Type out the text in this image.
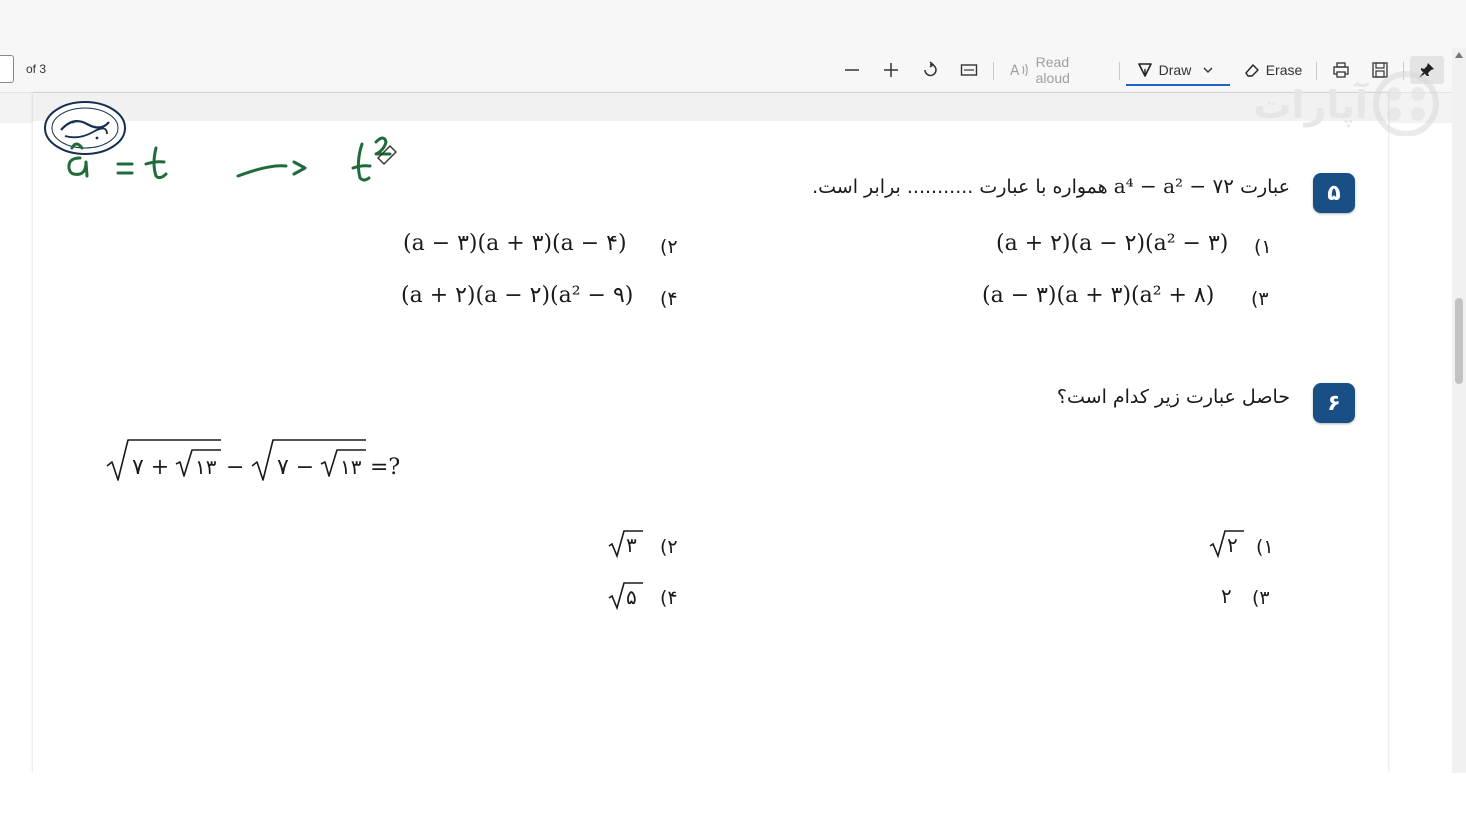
of 3	A
Read aloud	Draw	Erase
آپارات
۵
عبارت a⁴ − a² − ۷۲ همواره با عبارت ........... برابر است.
(a + ۲)(a − ۲)(a² − ۳) (۱
(a − ۳)(a + ۳)(a − ۴) (۲
(a − ۳)(a + ۳)(a² + ۸) (۳
(a + ۲)(a − ۲)(a² − ۹) (۴
۶
حاصل عبارت زیر کدام است؟
۷ + ۱۳ − ۷ − ۱۳ =?
۲ (۱
۳ (۲
۲ (۳
۵ (۴
